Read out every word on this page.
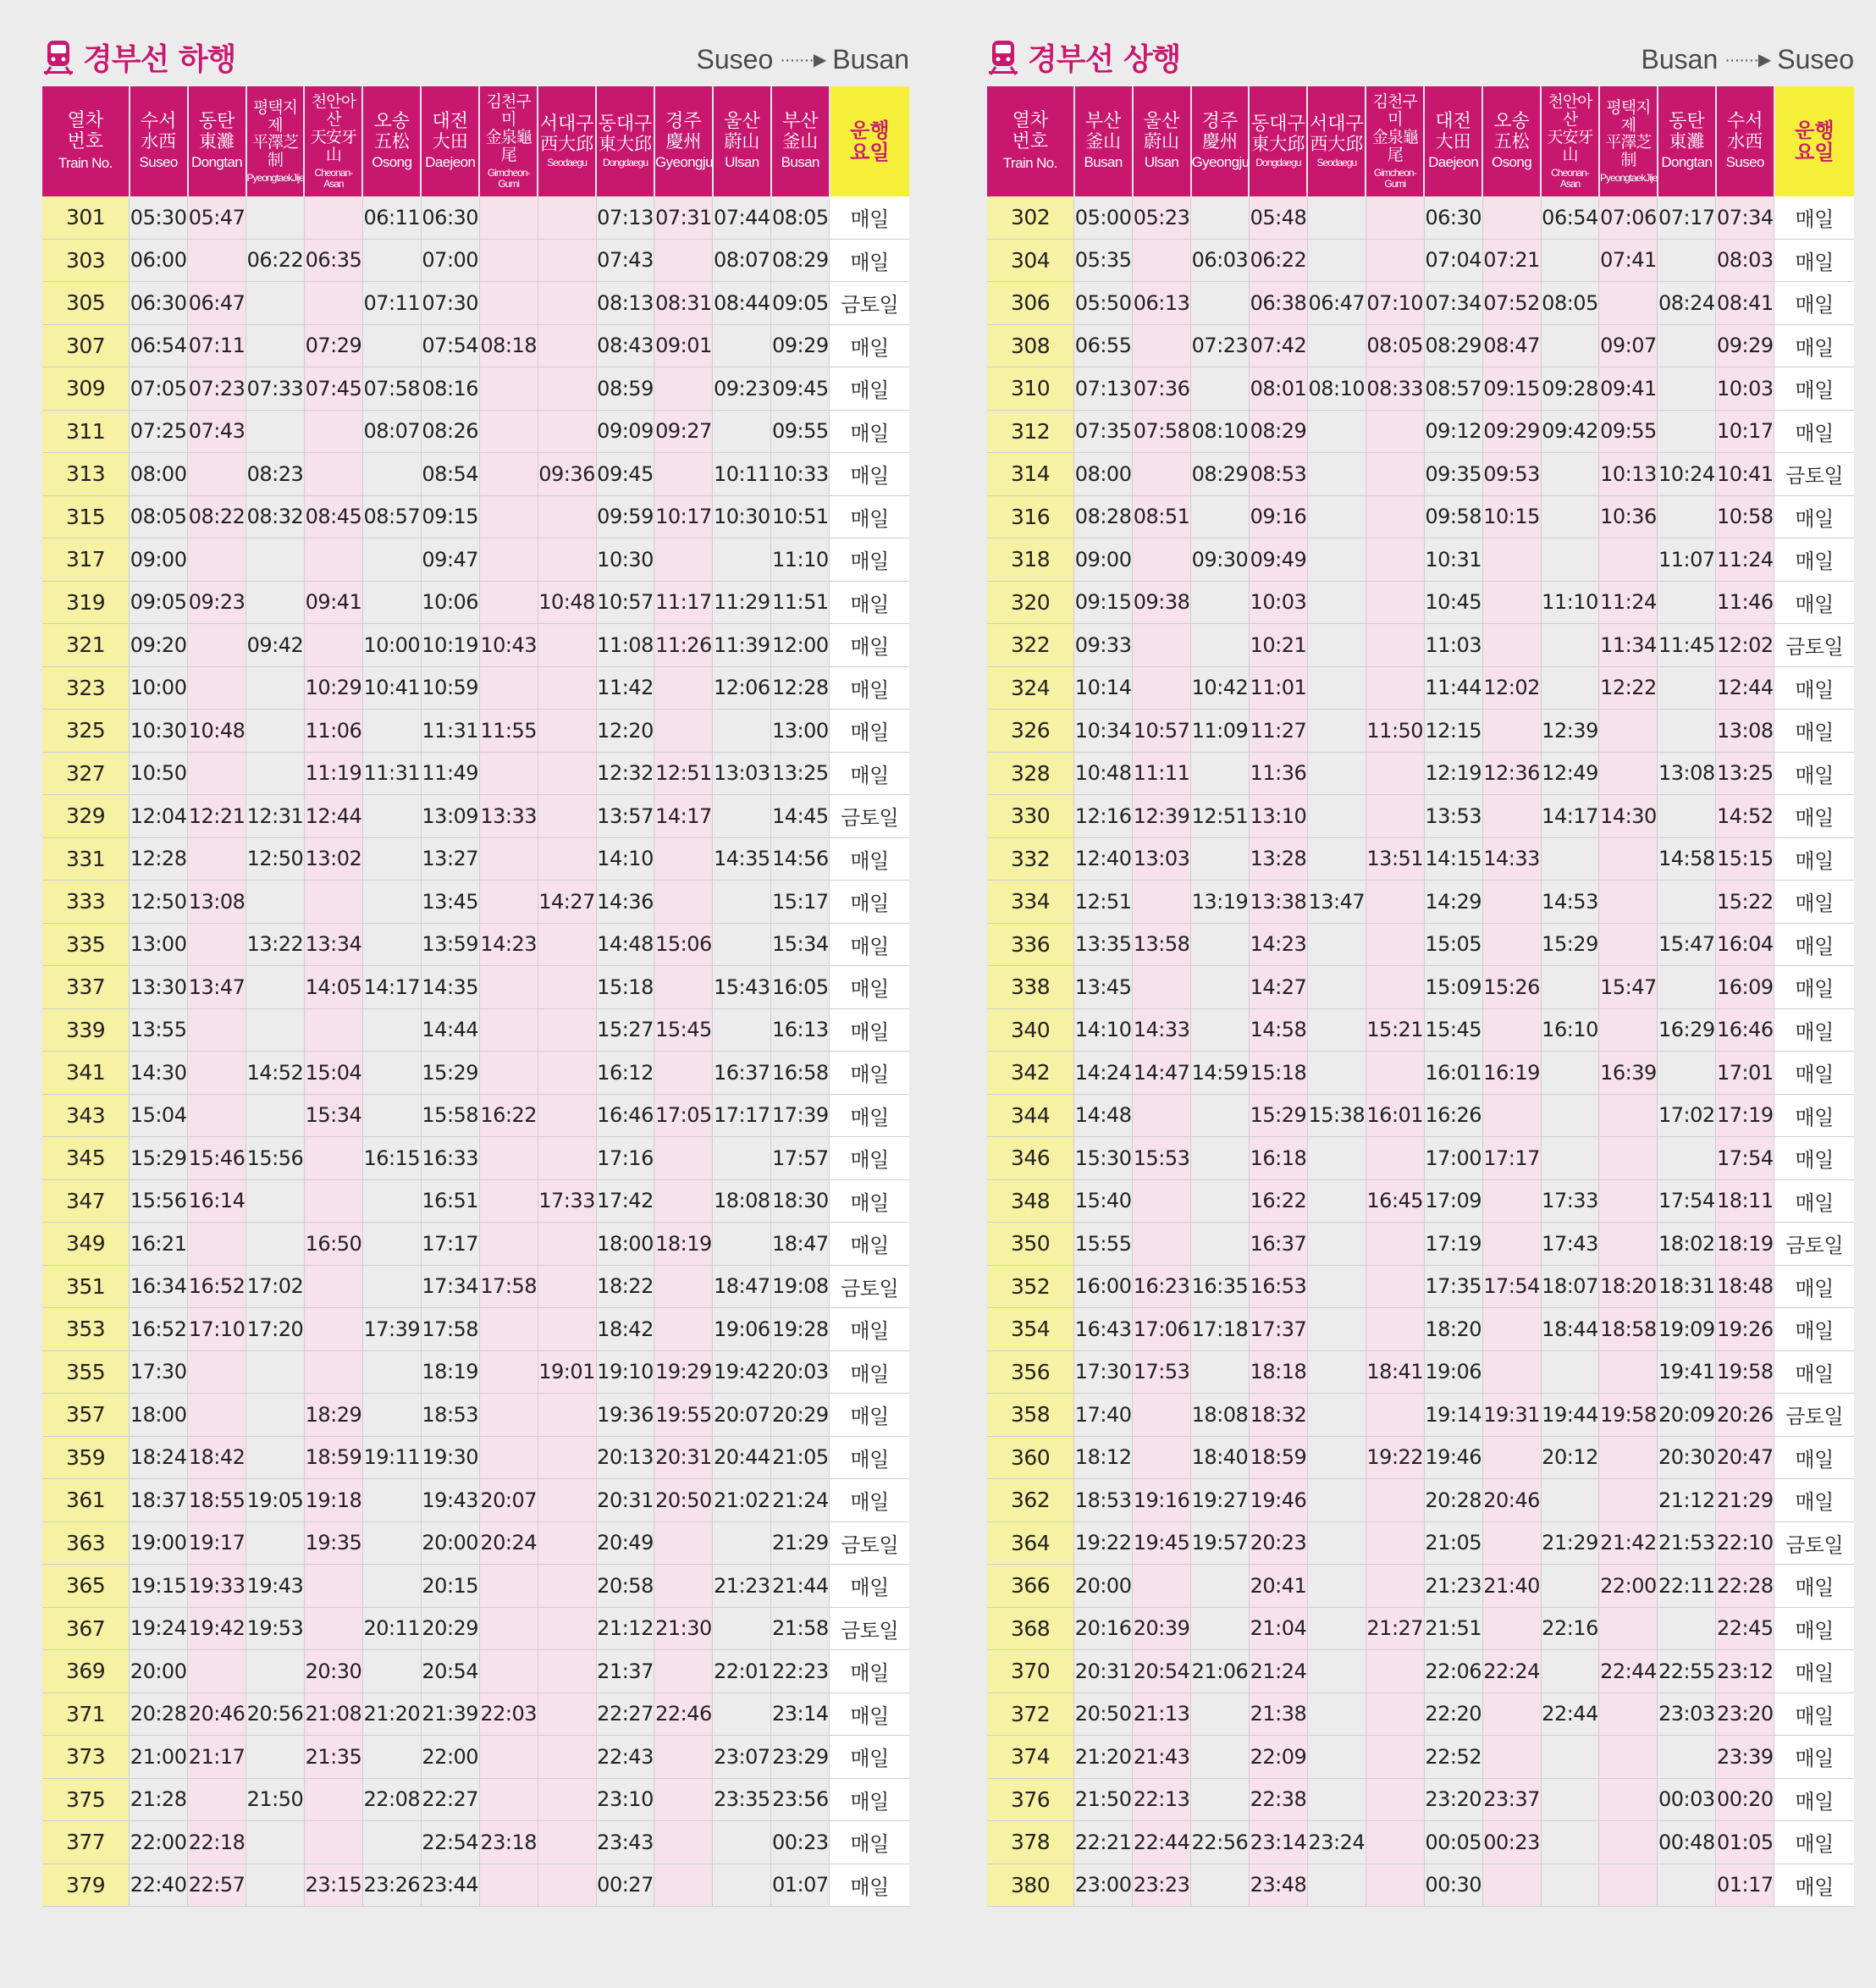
경부선 하행	Suseo ·······▶ Busan
열차
번호
Train No.	수서
水西
Suseo	동탄
東灘
Dongtan	평택지제
平澤芝制
PyeongtaekJije	천안아산
天安牙山
Cheonan-Asan	오송
五松
Osong	대전
大田
Daejeon	김천구미
金泉龜尾
Gimcheon-Gumi	서대구
西大邱
Seodaegu	동대구
東大邱
Dongdaegu	경주
慶州
Gyeongju	울산
蔚山
Ulsan	부산
釜山
Busan	운행
요일

301	05:30	05:47			06:11	06:30			07:13	07:31	07:44	08:05	매일
303	06:00		06:22	06:35		07:00			07:43		08:07	08:29	매일
305	06:30	06:47			07:11	07:30			08:13	08:31	08:44	09:05	금토일
307	06:54	07:11		07:29		07:54	08:18		08:43	09:01		09:29	매일
309	07:05	07:23	07:33	07:45	07:58	08:16			08:59		09:23	09:45	매일
311	07:25	07:43			08:07	08:26			09:09	09:27		09:55	매일
313	08:00		08:23			08:54		09:36	09:45		10:11	10:33	매일
315	08:05	08:22	08:32	08:45	08:57	09:15			09:59	10:17	10:30	10:51	매일
317	09:00					09:47			10:30			11:10	매일
319	09:05	09:23		09:41		10:06		10:48	10:57	11:17	11:29	11:51	매일
321	09:20		09:42		10:00	10:19	10:43		11:08	11:26	11:39	12:00	매일
323	10:00			10:29	10:41	10:59			11:42		12:06	12:28	매일
325	10:30	10:48		11:06		11:31	11:55		12:20			13:00	매일
327	10:50			11:19	11:31	11:49			12:32	12:51	13:03	13:25	매일
329	12:04	12:21	12:31	12:44		13:09	13:33		13:57	14:17		14:45	금토일
331	12:28		12:50	13:02		13:27			14:10		14:35	14:56	매일
333	12:50	13:08				13:45		14:27	14:36			15:17	매일
335	13:00		13:22	13:34		13:59	14:23		14:48	15:06		15:34	매일
337	13:30	13:47		14:05	14:17	14:35			15:18		15:43	16:05	매일
339	13:55					14:44			15:27	15:45		16:13	매일
341	14:30		14:52	15:04		15:29			16:12		16:37	16:58	매일
343	15:04			15:34		15:58	16:22		16:46	17:05	17:17	17:39	매일
345	15:29	15:46	15:56		16:15	16:33			17:16			17:57	매일
347	15:56	16:14				16:51		17:33	17:42		18:08	18:30	매일
349	16:21			16:50		17:17			18:00	18:19		18:47	매일
351	16:34	16:52	17:02			17:34	17:58		18:22		18:47	19:08	금토일
353	16:52	17:10	17:20		17:39	17:58			18:42		19:06	19:28	매일
355	17:30					18:19		19:01	19:10	19:29	19:42	20:03	매일
357	18:00			18:29		18:53			19:36	19:55	20:07	20:29	매일
359	18:24	18:42		18:59	19:11	19:30			20:13	20:31	20:44	21:05	매일
361	18:37	18:55	19:05	19:18		19:43	20:07		20:31	20:50	21:02	21:24	매일
363	19:00	19:17		19:35		20:00	20:24		20:49			21:29	금토일
365	19:15	19:33	19:43			20:15			20:58		21:23	21:44	매일
367	19:24	19:42	19:53		20:11	20:29			21:12	21:30		21:58	금토일
369	20:00			20:30		20:54			21:37		22:01	22:23	매일
371	20:28	20:46	20:56	21:08	21:20	21:39	22:03		22:27	22:46		23:14	매일
373	21:00	21:17		21:35		22:00			22:43		23:07	23:29	매일
375	21:28		21:50		22:08	22:27			23:10		23:35	23:56	매일
377	22:00	22:18				22:54	23:18		23:43			00:23	매일
379	22:40	22:57		23:15	23:26	23:44			00:27			01:07	매일
경부선 상행	Busan ·······▶ Suseo
열차
번호
Train No.	부산
釜山
Busan	울산
蔚山
Ulsan	경주
慶州
Gyeongju	동대구
東大邱
Dongdaegu	서대구
西大邱
Seodaegu	김천구미
金泉龜尾
Gimcheon-Gumi	대전
大田
Daejeon	오송
五松
Osong	천안아산
天安牙山
Cheonan-Asan	평택지제
平澤芝制
PyeongtaekJije	동탄
東灘
Dongtan	수서
水西
Suseo	운행
요일

302	05:00	05:23		05:48			06:30		06:54	07:06	07:17	07:34	매일
304	05:35		06:03	06:22			07:04	07:21		07:41		08:03	매일
306	05:50	06:13		06:38	06:47	07:10	07:34	07:52	08:05		08:24	08:41	매일
308	06:55		07:23	07:42		08:05	08:29	08:47		09:07		09:29	매일
310	07:13	07:36		08:01	08:10	08:33	08:57	09:15	09:28	09:41		10:03	매일
312	07:35	07:58	08:10	08:29			09:12	09:29	09:42	09:55		10:17	매일
314	08:00		08:29	08:53			09:35	09:53		10:13	10:24	10:41	금토일
316	08:28	08:51		09:16			09:58	10:15		10:36		10:58	매일
318	09:00		09:30	09:49			10:31				11:07	11:24	매일
320	09:15	09:38		10:03			10:45		11:10	11:24		11:46	매일
322	09:33			10:21			11:03			11:34	11:45	12:02	금토일
324	10:14		10:42	11:01			11:44	12:02		12:22		12:44	매일
326	10:34	10:57	11:09	11:27		11:50	12:15		12:39			13:08	매일
328	10:48	11:11		11:36			12:19	12:36	12:49		13:08	13:25	매일
330	12:16	12:39	12:51	13:10			13:53		14:17	14:30		14:52	매일
332	12:40	13:03		13:28		13:51	14:15	14:33			14:58	15:15	매일
334	12:51		13:19	13:38	13:47		14:29		14:53			15:22	매일
336	13:35	13:58		14:23			15:05		15:29		15:47	16:04	매일
338	13:45			14:27			15:09	15:26		15:47		16:09	매일
340	14:10	14:33		14:58		15:21	15:45		16:10		16:29	16:46	매일
342	14:24	14:47	14:59	15:18			16:01	16:19		16:39		17:01	매일
344	14:48			15:29	15:38	16:01	16:26				17:02	17:19	매일
346	15:30	15:53		16:18			17:00	17:17				17:54	매일
348	15:40			16:22		16:45	17:09		17:33		17:54	18:11	매일
350	15:55			16:37			17:19		17:43		18:02	18:19	금토일
352	16:00	16:23	16:35	16:53			17:35	17:54	18:07	18:20	18:31	18:48	매일
354	16:43	17:06	17:18	17:37			18:20		18:44	18:58	19:09	19:26	매일
356	17:30	17:53		18:18		18:41	19:06				19:41	19:58	매일
358	17:40		18:08	18:32			19:14	19:31	19:44	19:58	20:09	20:26	금토일
360	18:12		18:40	18:59		19:22	19:46		20:12		20:30	20:47	매일
362	18:53	19:16	19:27	19:46			20:28	20:46			21:12	21:29	매일
364	19:22	19:45	19:57	20:23			21:05		21:29	21:42	21:53	22:10	금토일
366	20:00			20:41			21:23	21:40		22:00	22:11	22:28	매일
368	20:16	20:39		21:04		21:27	21:51		22:16			22:45	매일
370	20:31	20:54	21:06	21:24			22:06	22:24		22:44	22:55	23:12	매일
372	20:50	21:13		21:38			22:20		22:44		23:03	23:20	매일
374	21:20	21:43		22:09			22:52					23:39	매일
376	21:50	22:13		22:38			23:20	23:37			00:03	00:20	매일
378	22:21	22:44	22:56	23:14	23:24		00:05	00:23			00:48	01:05	매일
380	23:00	23:23		23:48			00:30					01:17	매일
